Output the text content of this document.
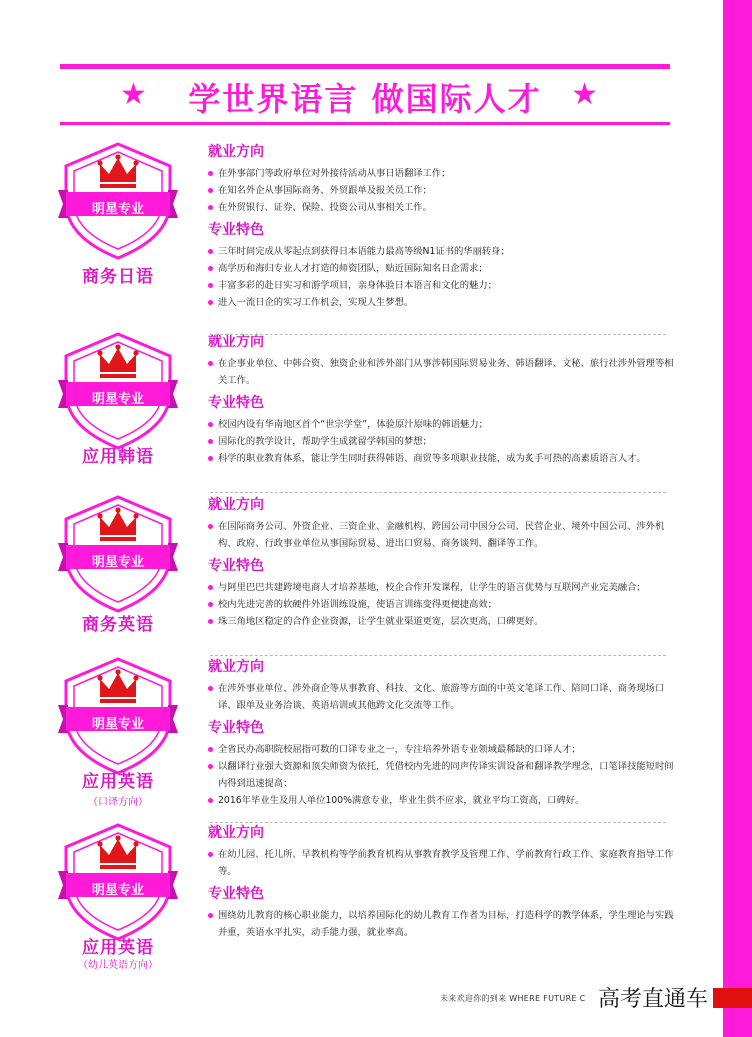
★ 学世界语言 做国际人才 ★
明星专业
商务日语
就业方向
在外事部门等政府单位对外接待活动从事日语翻译工作；
在知名外企从事国际商务、外贸跟单及报关员工作；
在外贸银行、证券、保险、投资公司从事相关工作。
专业特色
三年时间完成从零起点到获得日本语能力最高等级N1证书的华丽转身；
高学历和海归专业人才打造的师资团队，贴近国际知名日企需求；
丰富多彩的赴日实习和游学项目，亲身体验日本语言和文化的魅力；
进入一流日企的实习工作机会，实现人生梦想。
明星专业
应用韩语
就业方向
在企事业单位、中韩合资、独资企业和涉外部门从事涉韩国际贸易业务、韩语翻译、文秘、旅行社涉外管理等相关工作。
专业特色
校园内设有华南地区首个“世宗学堂”，体验原汁原味的韩语魅力；
国际化的教学设计，帮助学生成就留学韩国的梦想；
科学的职业教育体系，能让学生同时获得韩语、商贸等多项职业技能，成为炙手可热的高素质语言人才。
明星专业
商务英语
就业方向
在国际商务公司、外资企业、三资企业、金融机构、跨国公司中国分公司、民营企业、境外中国公司、涉外机构、政府、行政事业单位从事国际贸易、进出口贸易、商务谈判、翻译等工作。
专业特色
与阿里巴巴共建跨境电商人才培养基地，校企合作开发课程，让学生的语言优势与互联网产业完美融合；
校内先进完善的软硬件外语训练设施，使语言训练变得更便捷高效；
珠三角地区稳定的合作企业资源，让学生就业渠道更宽，层次更高，口碑更好。
明星专业
应用英语
（口译方向）
就业方向
在涉外事业单位、涉外商企等从事教育、科技、文化、旅游等方面的中英文笔译工作、陪同口译、商务现场口译、跟单及业务洽谈、英语培训或其他跨文化交流等工作。
专业特色
全省民办高职院校屈指可数的口译专业之一，专注培养外语专业领域最稀缺的口译人才；
以翻译行业强大资源和顶尖师资为依托，凭借校内先进的同声传译实训设备和翻译教学理念，口笔译技能短时间内得到迅速提高；
2016年毕业生及用人单位100%满意专业，毕业生供不应求，就业平均工资高，口碑好。
明星专业
应用英语
（幼儿英语方向）
就业方向
在幼儿园、托儿所、早教机构等学前教育机构从事教育教学及管理工作、学前教育行政工作、家庭教育指导工作等。
专业特色
围绕幼儿教育的核心职业能力，以培养国际化的幼儿教育工作者为目标，打造科学的教学体系，学生理论与实践并重，英语水平扎实，动手能力强，就业率高。
未来欢迎你的到来 WHERE FUTURE C 高考直通车
